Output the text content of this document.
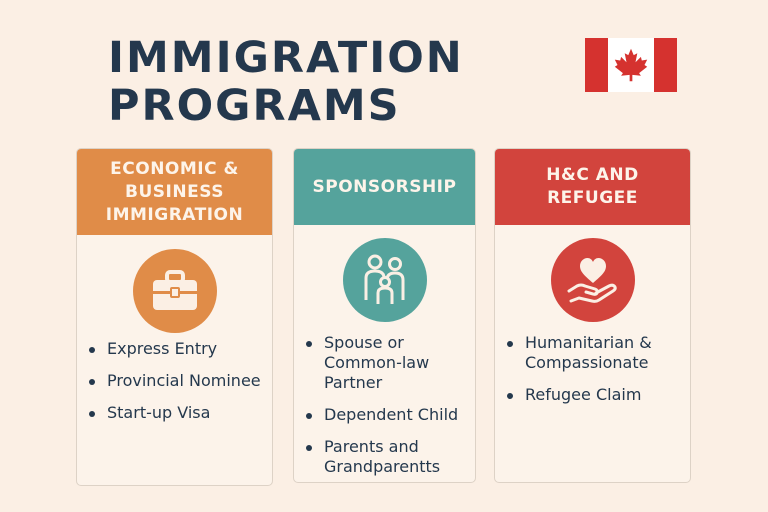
IMMIGRATION
PROGRAMS
ECONOMIC &
BUSINESS
IMMIGRATION
Express Entry
Provincial Nominee
Start-up Visa
SPONSORSHIP
Spouse or
Common-law
Partner
Dependent Child
Parents and
Grandparentts
H&C AND
REFUGEE
Humanitarian &
Compassionate
Refugee Claim
